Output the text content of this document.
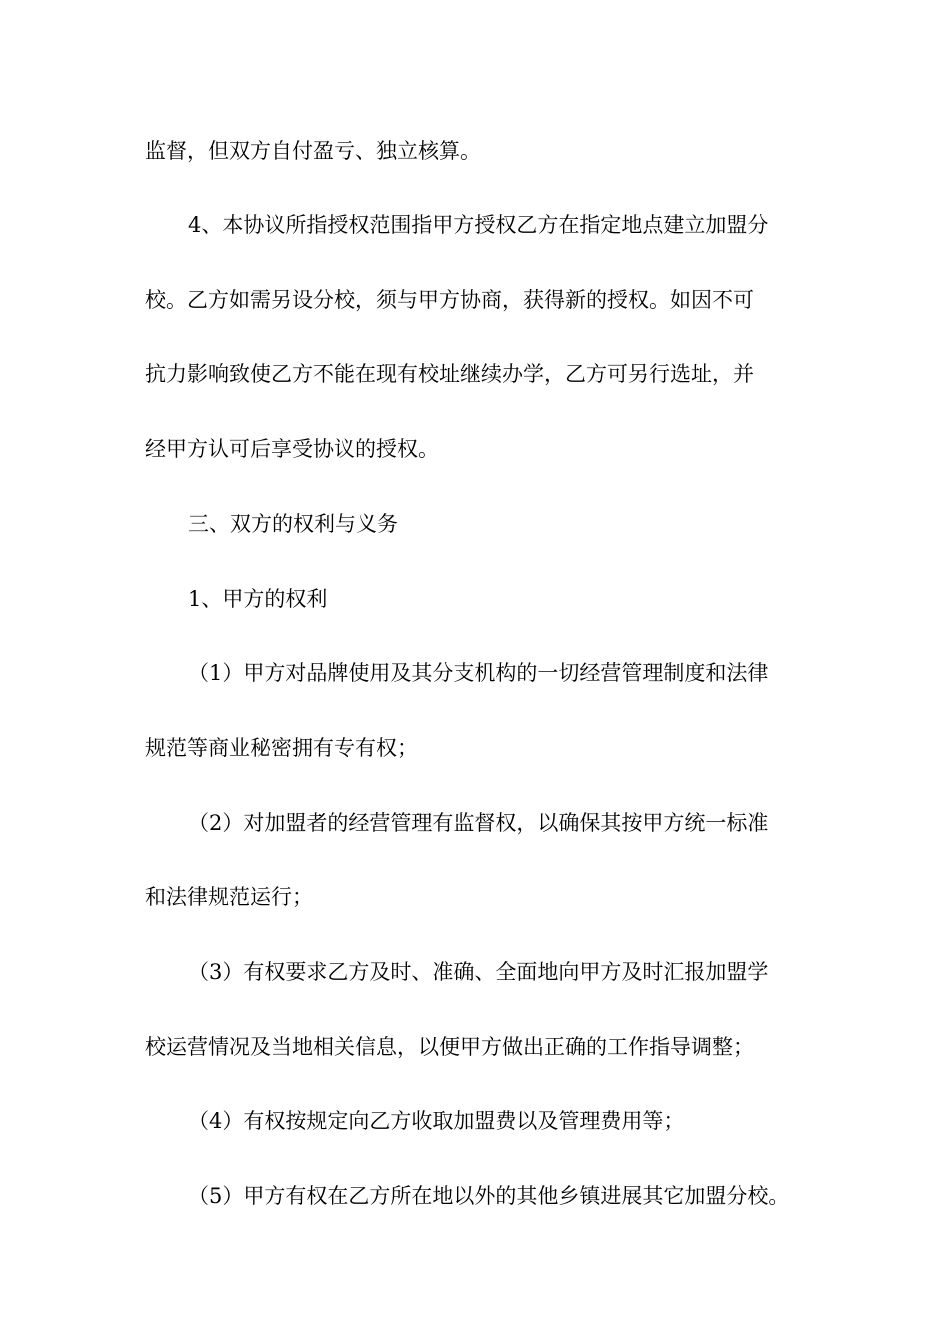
监督，但双方自付盈亏、独立核算。
4、本协议所指授权范围指甲方授权乙方在指定地点建立加盟分
校。乙方如需另设分校，须与甲方协商，获得新的授权。如因不可
抗力影响致使乙方不能在现有校址继续办学，乙方可另行选址，并
经甲方认可后享受协议的授权。
三、双方的权利与义务
1、甲方的权利
（1）甲方对品牌使用及其分支机构的一切经营管理制度和法律
规范等商业秘密拥有专有权；
（2）对加盟者的经营管理有监督权，以确保其按甲方统一标准
和法律规范运行；
（3）有权要求乙方及时、准确、全面地向甲方及时汇报加盟学
校运营情况及当地相关信息，以便甲方做出正确的工作指导调整；
（4）有权按规定向乙方收取加盟费以及管理费用等；
（5）甲方有权在乙方所在地以外的其他乡镇进展其它加盟分校。
